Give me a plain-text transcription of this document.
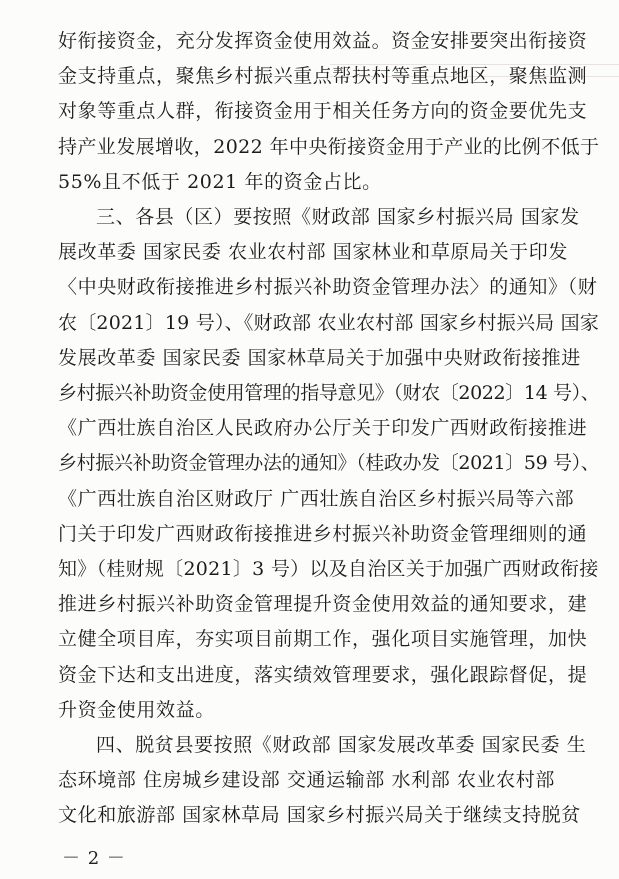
好衔接资金，充分发挥资金使用效益。资金安排要突出衔接资
金支持重点，聚焦乡村振兴重点帮扶村等重点地区，聚焦监测
对象等重点人群，衔接资金用于相关任务方向的资金要优先支
持产业发展增收，2022 年中央衔接资金用于产业的比例不低于
55%且不低于 2021 年的资金占比。
三、各县（区）要按照《财政部 国家乡村振兴局 国家发
展改革委 国家民委 农业农村部 国家林业和草原局关于印发
〈中央财政衔接推进乡村振兴补助资金管理办法〉的通知》（财
农〔2021〕19 号）、《财政部 农业农村部 国家乡村振兴局 国家
发展改革委 国家民委 国家林草局关于加强中央财政衔接推进
乡村振兴补助资金使用管理的指导意见》（财农〔2022〕14 号）、
《广西壮族自治区人民政府办公厅关于印发广西财政衔接推进
乡村振兴补助资金管理办法的通知》（桂政办发〔2021〕59 号）、
《广西壮族自治区财政厅 广西壮族自治区乡村振兴局等六部
门关于印发广西财政衔接推进乡村振兴补助资金管理细则的通
知》（桂财规〔2021〕3 号）以及自治区关于加强广西财政衔接
推进乡村振兴补助资金管理提升资金使用效益的通知要求，建
立健全项目库，夯实项目前期工作，强化项目实施管理，加快
资金下达和支出进度，落实绩效管理要求，强化跟踪督促，提
升资金使用效益。
四、脱贫县要按照《财政部 国家发展改革委 国家民委 生
态环境部 住房城乡建设部 交通运输部 水利部 农业农村部
文化和旅游部 国家林草局 国家乡村振兴局关于继续支持脱贫
－ 2 －
